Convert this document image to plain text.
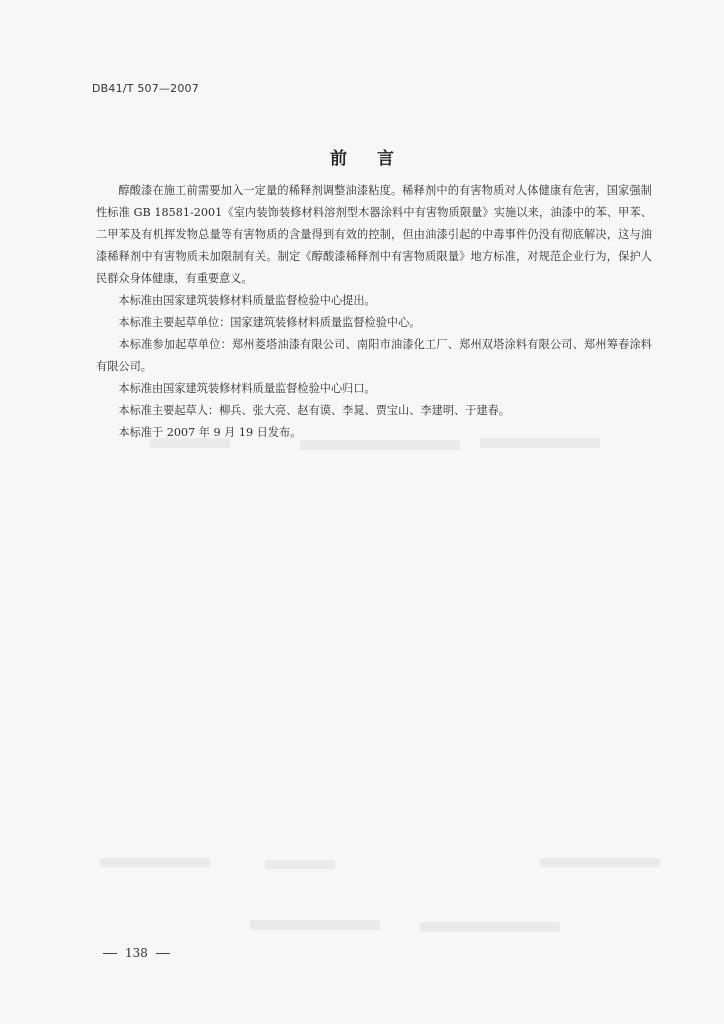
DB41/T 507—2007
前言

醇酸漆在施工前需要加入一定量的稀释剂调整油漆粘度。稀释剂中的有害物质对人体健康有危害，国家强制性标准 GB 18581-2001《室内装饰装修材料溶剂型木器涂料中有害物质限量》实施以来，油漆中的苯、甲苯、二甲苯及有机挥发物总量等有害物质的含量得到有效的控制，但由油漆引起的中毒事件仍没有彻底解决，这与油漆稀释剂中有害物质未加限制有关。制定《醇酸漆稀释剂中有害物质限量》地方标准，对规范企业行为，保护人民群众身体健康，有重要意义。

本标准由国家建筑装修材料质量监督检验中心提出。

本标准主要起草单位：国家建筑装修材料质量监督检验中心。

本标准参加起草单位：郑州菱塔油漆有限公司、南阳市油漆化工厂、郑州双塔涂料有限公司、郑州筹春涂料有限公司。

本标准由国家建筑装修材料质量监督检验中心归口。

本标准主要起草人：柳兵、张大亮、赵有谟、李晁、贾宝山、李建明、于建春。

本标准于 2007 年 9 月 19 日发布。

138
